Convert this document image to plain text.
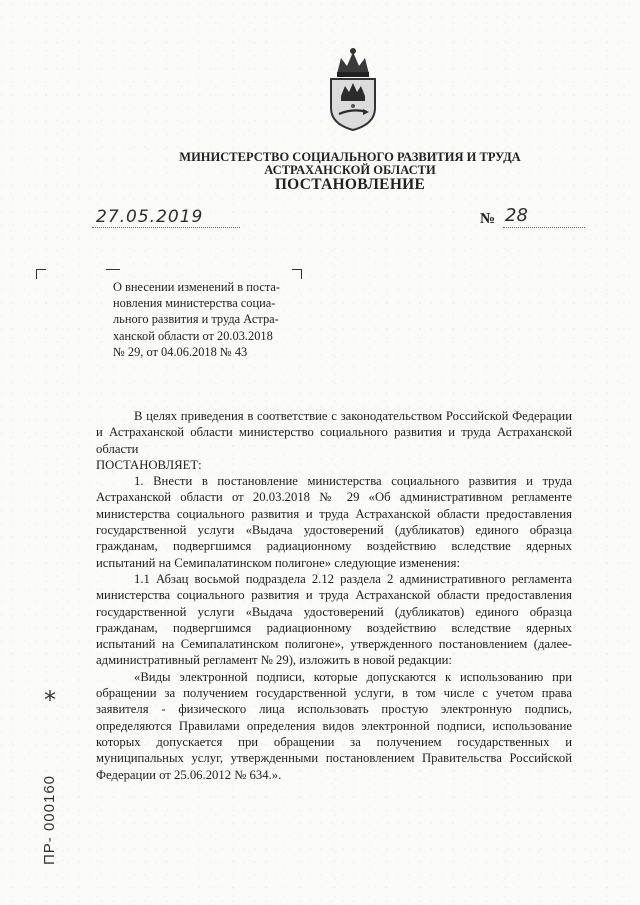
МИНИСТЕРСТВО СОЦИАЛЬНОГО РАЗВИТИЯ И ТРУДА
АСТРАХАНСКОЙ ОБЛАСТИ
ПОСТАНОВЛЕНИЕ
27.05.2019	№ 28
О внесении изменений в поста-
новления министерства социа-
льного развития и труда Астра-
ханской области от 20.03.2018
№ 29, от 04.06.2018 № 43

В целях приведения в соответствие с законодательством Российской Федерации и Астраханской области министерство социального развития и труда Астраханской области

ПОСТАНОВЛЯЕТ:

1. Внести в постановление министерства социального развития и труда Астраханской области от 20.03.2018 № 29 «Об административном регламенте министерства социального развития и труда Астраханской области предоставления государственной услуги «Выдача удостоверений (дубликатов) единого образца гражданам, подвергшимся радиационному воздействию вследствие ядерных испытаний на Семипалатинском полигоне» следующие изменения:

1.1 Абзац восьмой подраздела 2.12 раздела 2 административного регламента министерства социального развития и труда Астраханской области предоставления государственной услуги «Выдача удостоверений (дубликатов) единого образца гражданам, подвергшимся радиационному воздействию вследствие ядерных испытаний на Семипалатинском полигоне», утвержденного постановлением (далее- административный регламент № 29), изложить в новой редакции:

«Виды электронной подписи, которые допускаются к использованию при обращении за получением государственной услуги, в том числе с учетом права заявителя - физического лица использовать простую электронную подпись, определяются Правилами определения видов электронной подписи, использование которых допускается при обращении за получением государственных и муниципальных услуг, утвержденными постановлением Правительства Российской Федерации от 25.06.2012 № 634.».

*
ПР- 000160
